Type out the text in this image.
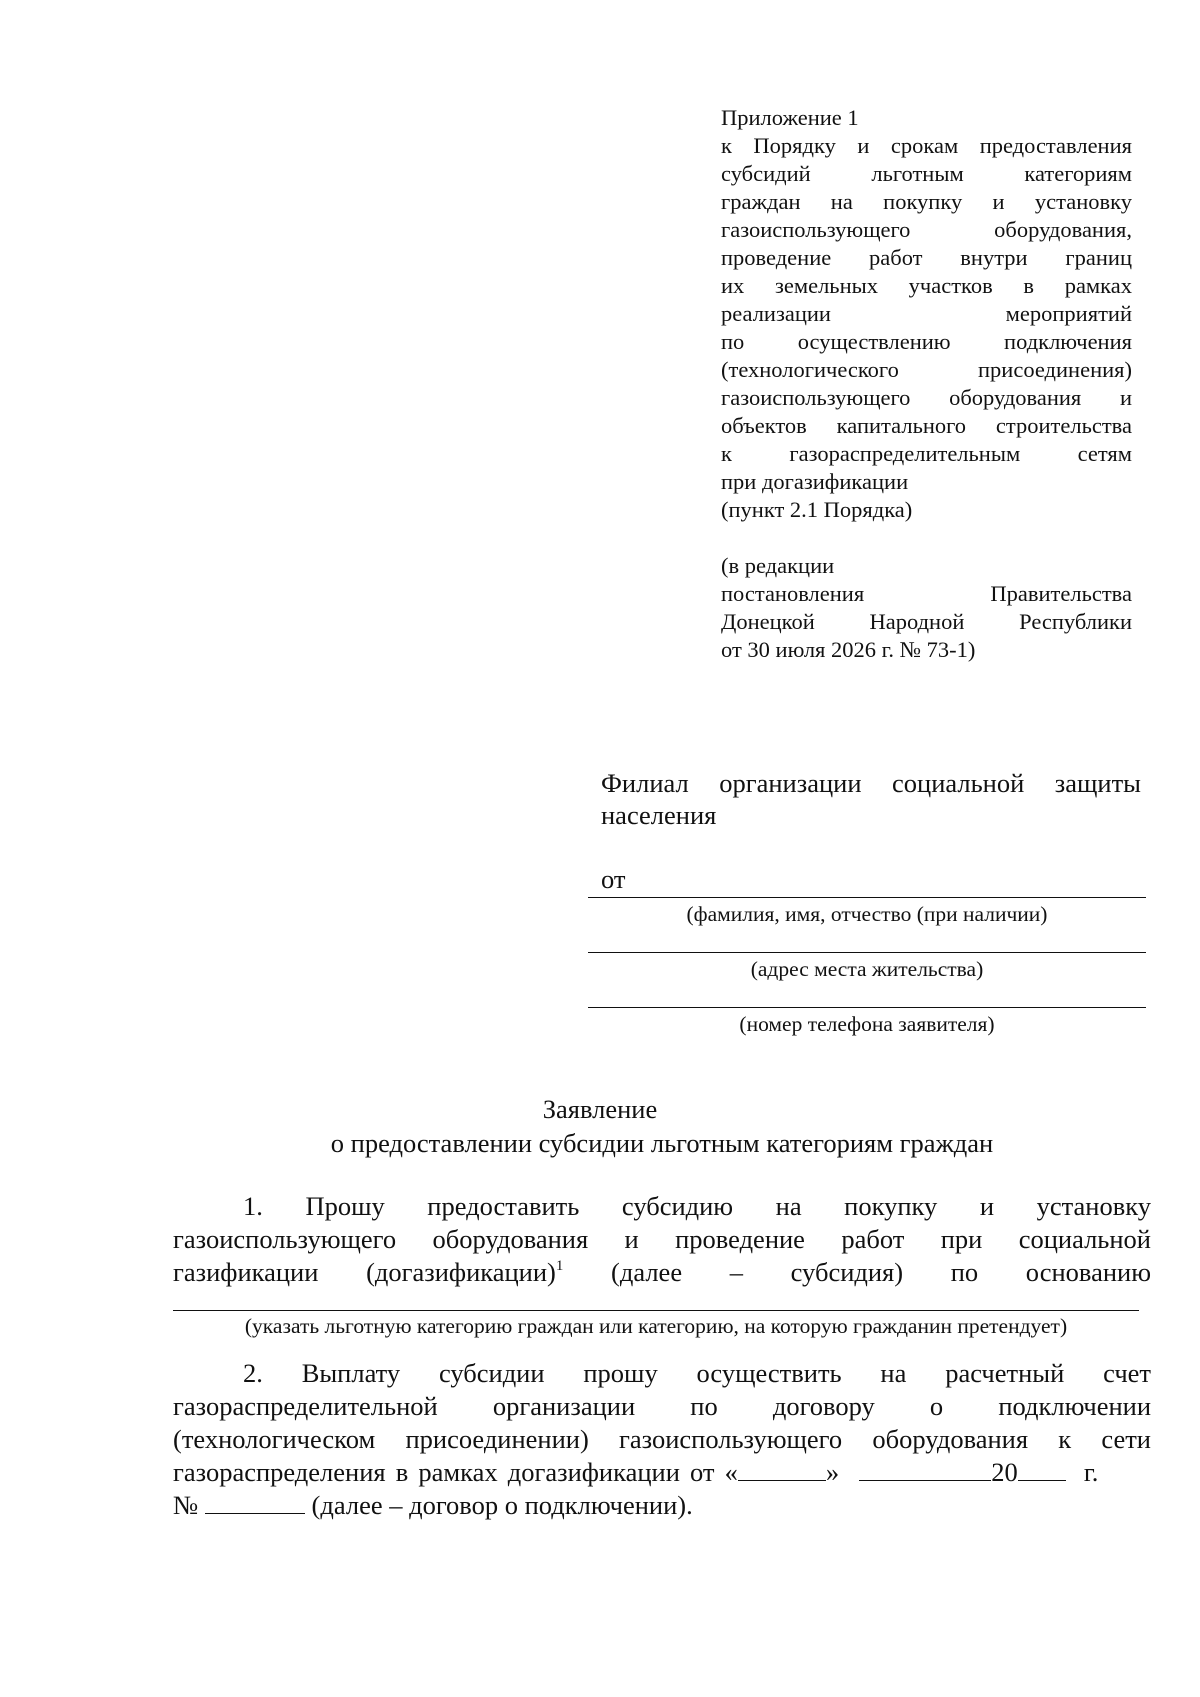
Приложение 1
к Порядку и срокам предоставления
субсидий льготным категориям
граждан на покупку и установку
газоиспользующего оборудования,
проведение работ внутри границ
их земельных участков в рамках
реализации мероприятий
по осуществлению подключения
(технологического присоединения)
газоиспользующего оборудования и
объектов капитального строительства
к газораспределительным сетям
при догазификации
(пункт 2.1 Порядка)
(в редакции
постановления Правительства
Донецкой Народной Республики
от 30 июля 2026 г. № 73-1)
Филиал организации социальной защиты
населения
от
(фамилия, имя, отчество (при наличии)
(адрес места жительства)
(номер телефона заявителя)
Заявление
о предоставлении субсидии льготным категориям граждан
1. Прошу предоставить субсидию на покупку и установку
газоиспользующего оборудования и проведение работ при социальной
газификации (догазификации)$^1$ (далее – субсидия) по основанию
(указать льготную категорию граждан или категорию, на которую гражданин претендует)
2. Выплату субсидии прошу осуществить на расчетный счет
газораспределительной организации по договору о подключении
(технологическом присоединении) газоиспользующего оборудования к сети
газораспределения в рамках догазификации от «	»	20 г.
№	(далее – договор о подключении).
